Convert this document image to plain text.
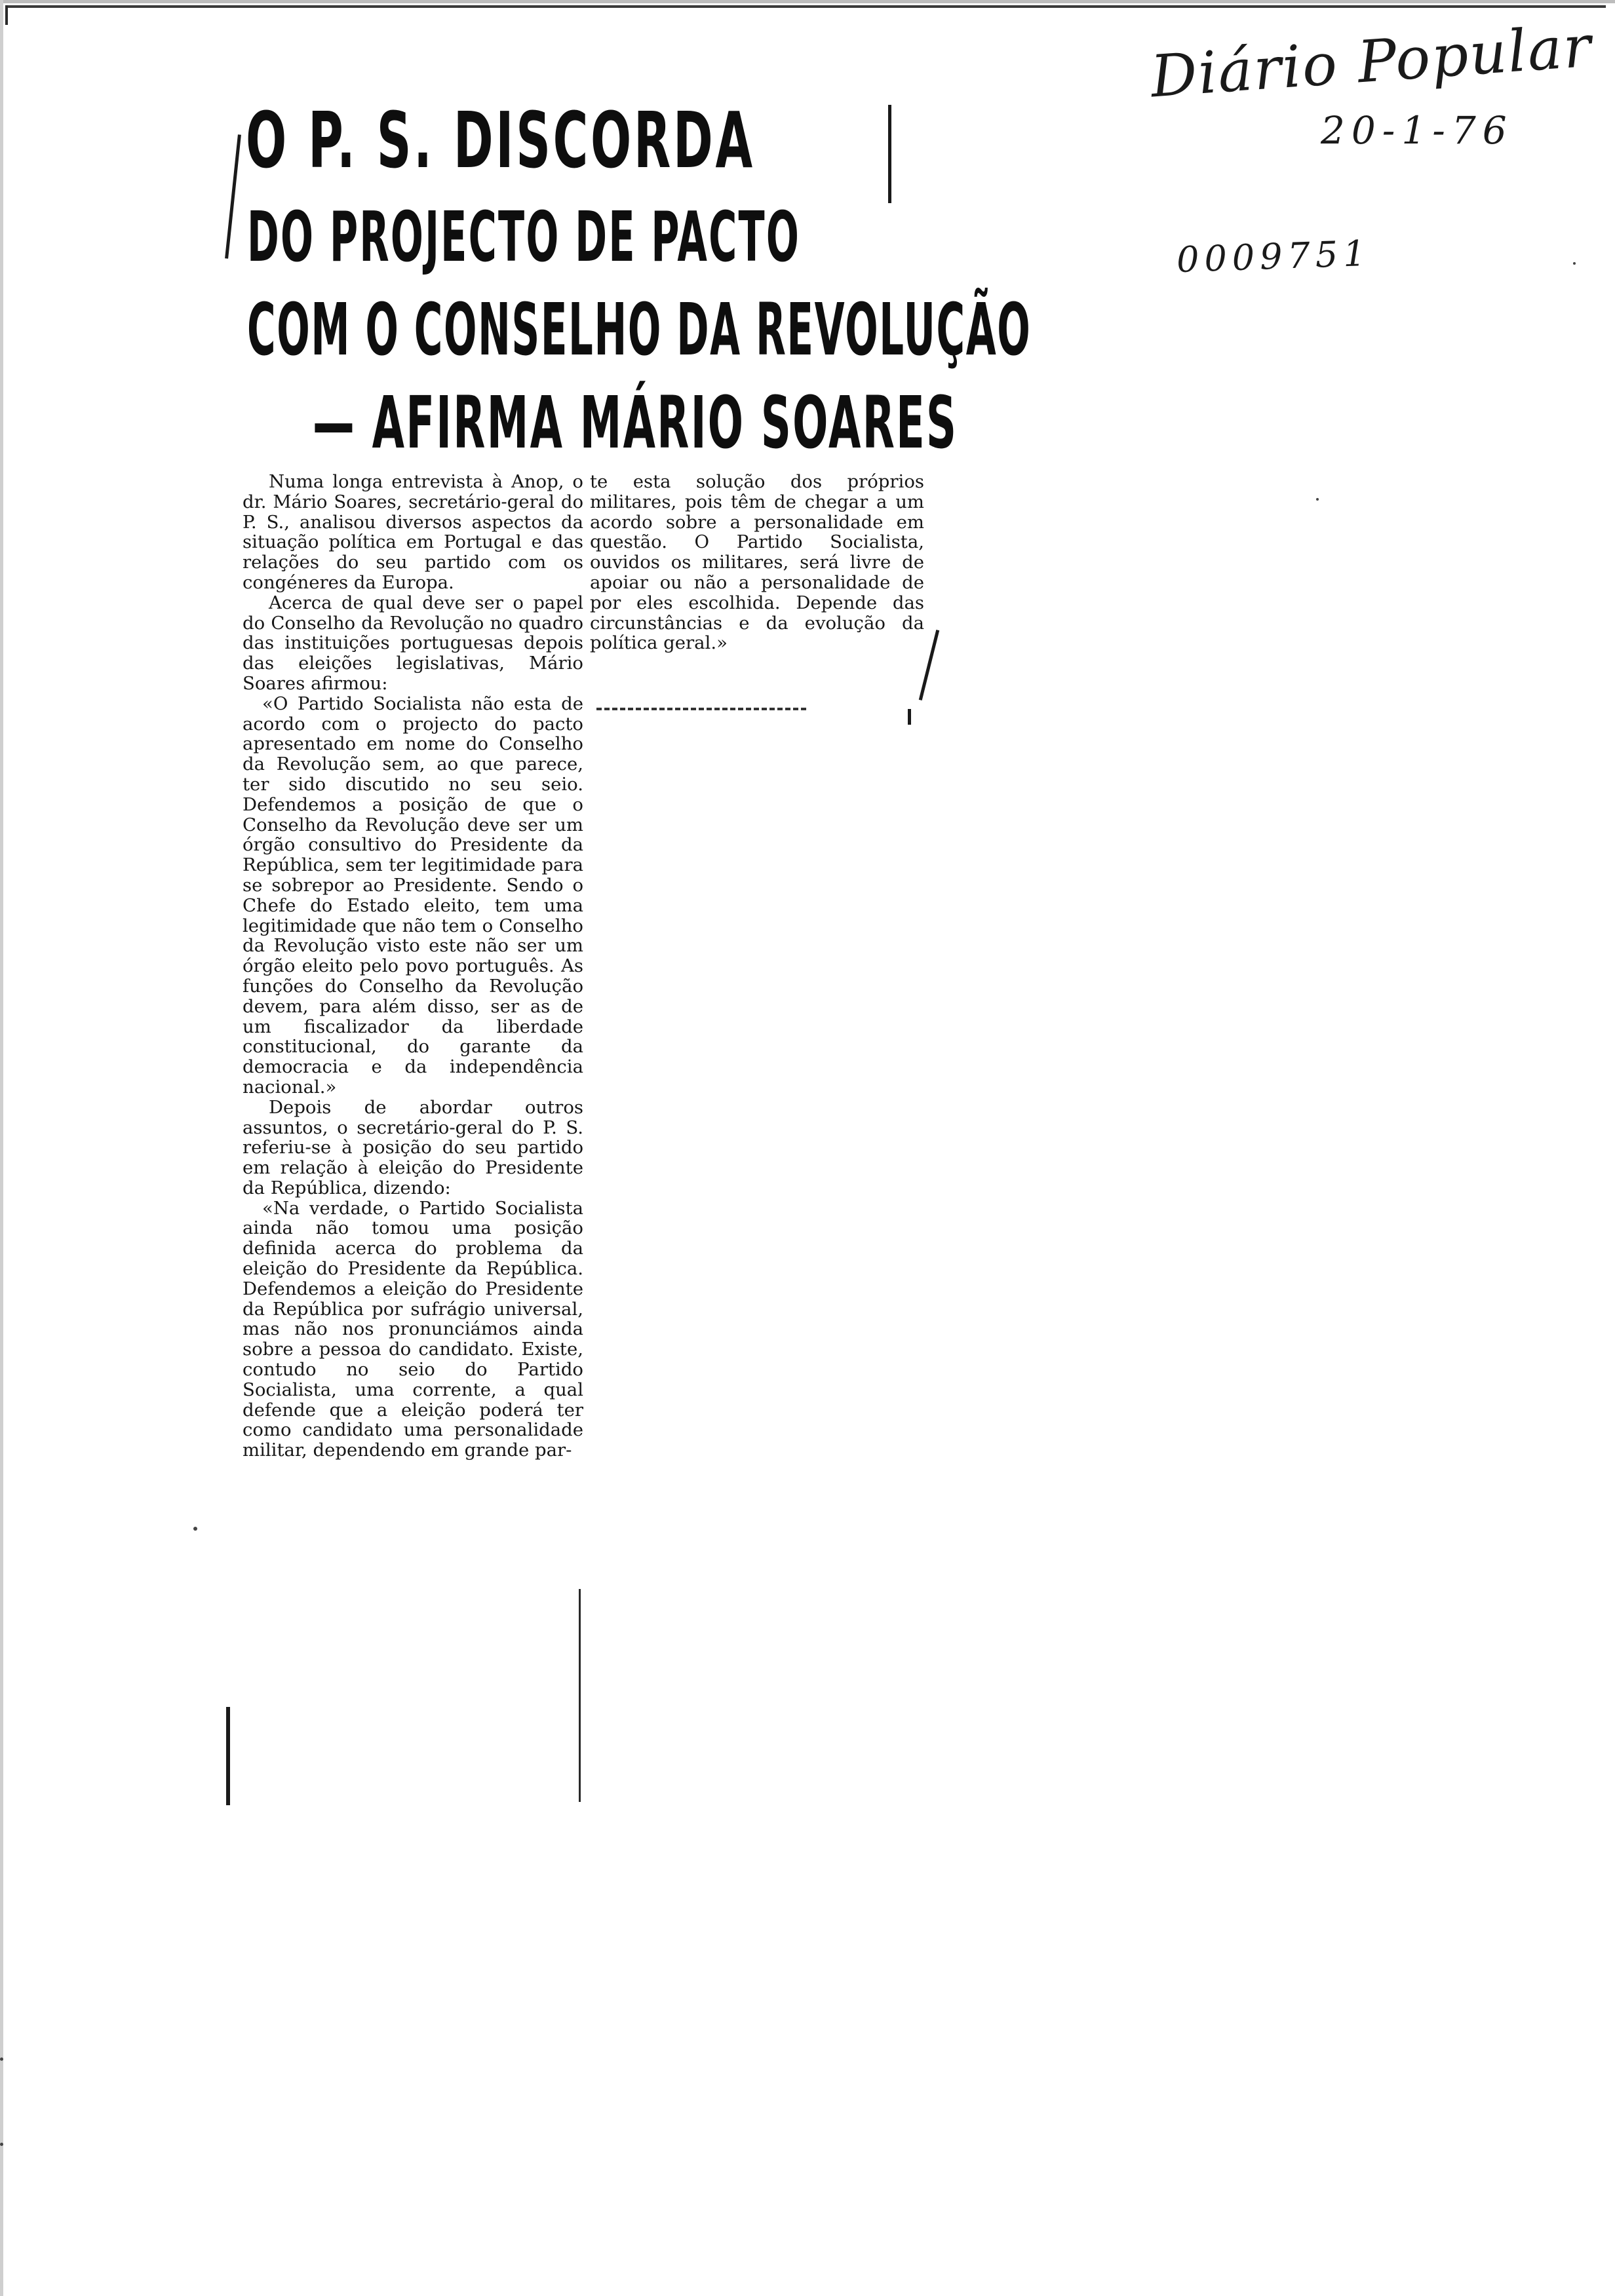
Diário Popular
20-1-76
0009751
O P. S. DISCORDA
DO PROJECTO DE PACTO
COM O CONSELHO DA REVOLUÇÃO
— AFIRMA MÁRIO SOARES

Numa longa entrevista à Anop, o dr. Mário Soares, secretário-geral do P. S., analisou diversos aspectos da situação política em Portugal e das relações do seu partido com os congéneres da Europa.

Acerca de qual deve ser o papel do Conselho da Revolução no quadro das instituições portuguesas depois das eleições legislativas, Mário Soares afirmou:

«O Partido Socialista não esta de acordo com o projecto do pacto apresentado em nome do Conselho da Revolução sem, ao que parece, ter sido discutido no seu seio. Defendemos a posição de que o Conselho da Revolução deve ser um órgão consultivo do Presidente da República, sem ter legitimidade para se sobrepor ao Presidente. Sendo o Chefe do Estado eleito, tem uma legitimidade que não tem o Conselho da Revolução visto este não ser um órgão eleito pelo povo português. As funções do Conselho da Revolução devem, para além disso, ser as de um fiscalizador da liberdade constitucional, do garante da democracia e da independência nacional.»

Depois de abordar outros assuntos, o secretário-geral do P. S. referiu-se à posição do seu partido em relação à eleição do Presidente da República, dizendo:

«Na verdade, o Partido Socialista ainda não tomou uma posição definida acerca do problema da eleição do Presidente da República. Defendemos a eleição do Presidente da República por sufrágio universal, mas não nos pronunciámos ainda sobre a pessoa do candidato. Existe, contudo no seio do Partido Socialista, uma corrente, a qual defende que a eleição poderá ter como candidato uma personalidade militar, dependendo em grande par-

te esta solução dos próprios militares, pois têm de chegar a um acordo sobre a personalidade em questão. O Partido Socialista, ouvidos os militares, será livre de apoiar ou não a personalidade de por eles escolhida. Depende das circunstâncias e da evolução da política geral.»
